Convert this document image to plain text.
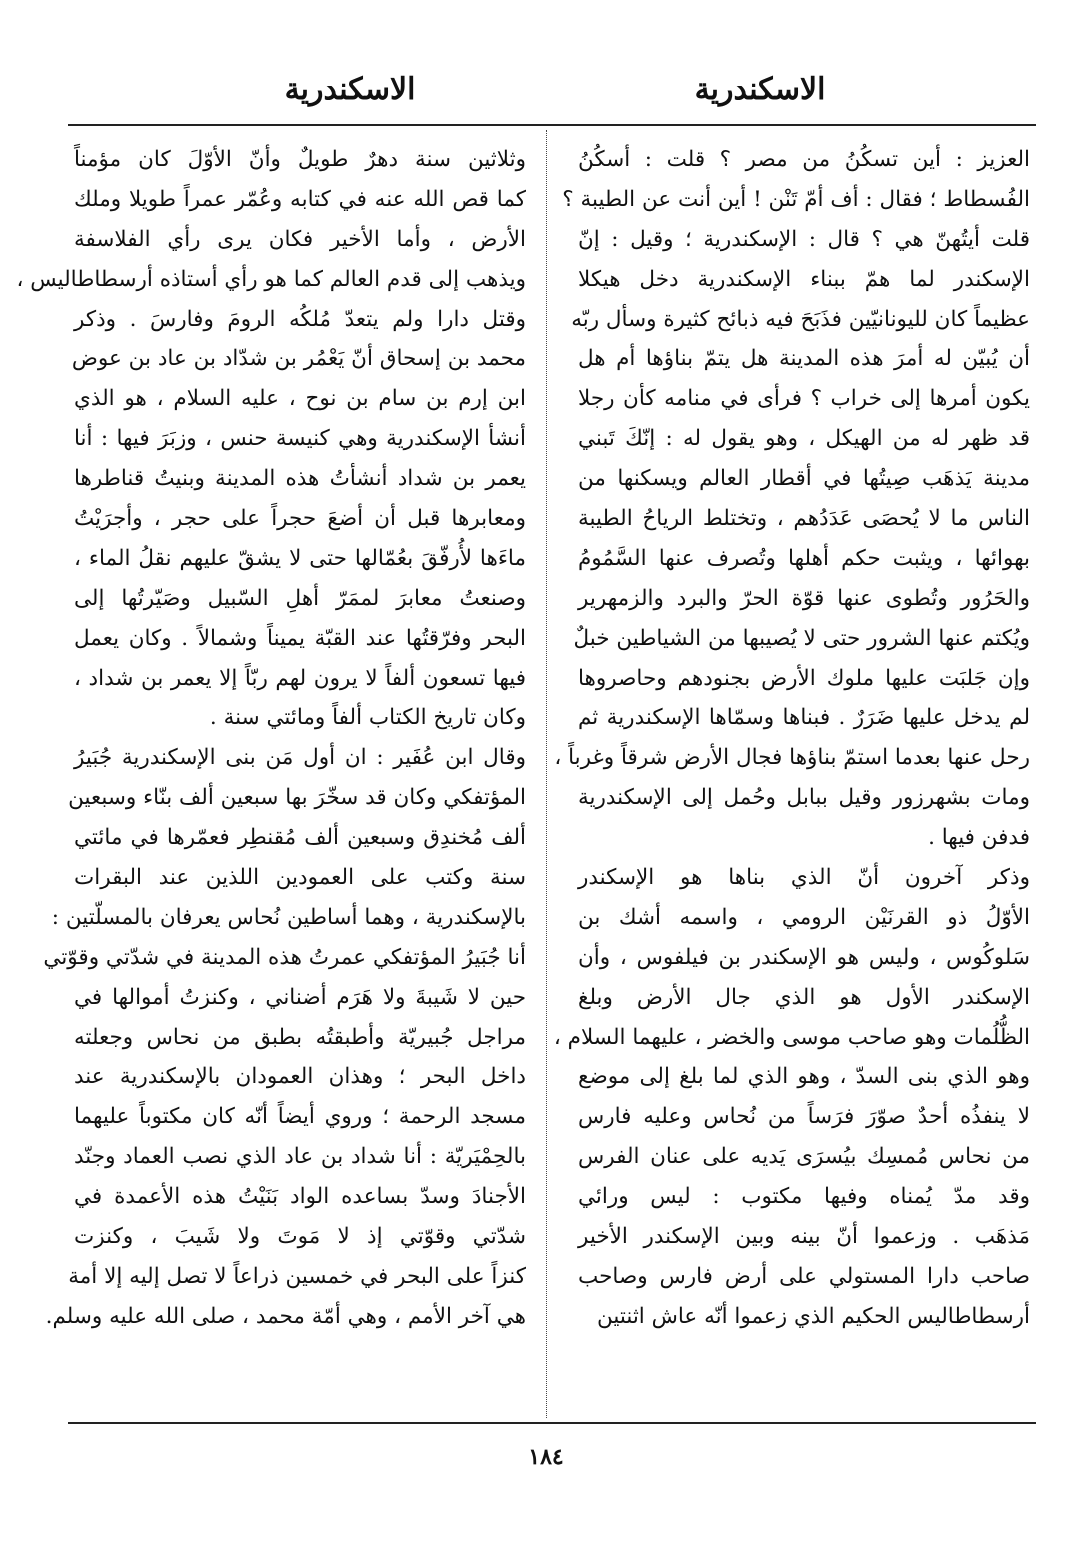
الاسكندرية
الاسكندرية
العزيز : أين تسكُنُ من مصر ؟ قلت : أسكُنُ
الفُسطاط ؛ فقال : أف أمّ تَنْن ! أين أنت عن الطيبة ؟
قلت أيتُهنّ هي ؟ قال : الإسكندرية ؛ وقيل : إنّ
الإسكندر لما همّ ببناء الإسكندرية دخل هيكلا
عظيماً كان لليونانيّين فذَبَحَ فيه ذبائح كثيرة وسأل ربّه
أن يُبيّن له أمرَ هذه المدينة هل يتمّ بناؤها أم هل
يكون أمرها إلى خراب ؟ فرأى في منامه كأن رجلا
قد ظهر له من الهيكل ، وهو يقول له : إنّكَ تَبني
مدينة يَذهَب صِيتُها في أقطار العالم ويسكنها من
الناس ما لا يُحصَى عَدَدُهم ، وتختلط الرياحُ الطيبة
بهوائها ، ويثبت حكم أهلها وتُصرف عنها السَّمُومُ
والحَرُور وتُطوى عنها قوّة الحرّ والبرد والزمهرير
ويُكتم عنها الشرور حتى لا يُصيبها من الشياطين خبلٌ
وإن جَلبَت عليها ملوك الأرض بجنودهم وحاصروها
لم يدخل عليها ضَرَرٌ . فبناها وسمّاها الإسكندرية ثم
رحل عنها بعدما استمّ بناؤها فجال الأرض شرقاً وغرباً ،
ومات بشهرزور وقيل ببابل وحُمل إلى الإسكندرية
فدفن فيها .
وذكر آخرون أنّ الذي بناها هو الإسكندر
الأوّلُ ذو القرنَيْن الرومي ، واسمه أشك بن
سَلوكُوس ، وليس هو الإسكندر بن فيلفوس ، وأن
الإسكندر الأول هو الذي جال الأرض وبلغ
الظُّلُمات وهو صاحب موسى والخضر ، عليهما السلام ،
وهو الذي بنى السدّ ، وهو الذي لما بلغ إلى موضع
لا ينفذُه أحدٌ صوّرَ فرَساً من نُحاس وعليه فارس
من نحاس مُمسِك بيُسرَى يَديه على عنان الفرس
وقد مدّ يُمناه وفيها مكتوب : ليس ورائي
مَذهَب . وزعموا أنّ بينه وبين الإسكندر الأخير
صاحب دارا المستولي على أرض فارس وصاحب
أرسطاطاليس الحكيم الذي زعموا أنّه عاش اثنتين
وثلاثين سنة دهرٌ طويلٌ وأنّ الأوّلَ كان مؤمناً
كما قص الله عنه في كتابه وعُمّر عمراً طويلا وملك
الأرض ، وأما الأخير فكان يرى رأي الفلاسفة
ويذهب إلى قدم العالم كما هو رأي أستاذه أرسطاطاليس ،
وقتل دارا ولم يتعدّ مُلكُه الرومَ وفارسَ . وذكر
محمد بن إسحاق أنّ يَعْمُر بن شدّاد بن عاد بن عوض
ابن إرم بن سام بن نوح ، عليه السلام ، هو الذي
أنشأ الإسكندرية وهي كنيسة حنس ، وزبَرَ فيها : أنا
يعمر بن شداد أنشأتُ هذه المدينة وبنيتُ قناطرها
ومعابرها قبل أن أضعَ حجراً على حجر ، وأجرَيْتُ
ماءَها لأُرفّقَ بعُمّالها حتى لا يشقّ عليهم نقلُ الماء ،
وصنعتُ معابرَ لممَرّ أهلِ السّبيل وصَيّرتُها إلى
البحر وفرّقتُها عند القبّة يميناً وشمالاً . وكان يعمل
فيها تسعون ألفاً لا يرون لهم ربّاً إلا يعمر بن شداد ،
وكان تاريخ الكتاب ألفاً ومائتي سنة .
وقال ابن عُفَير : ان أول مَن بنى الإسكندرية جُبَيرُ
المؤتفكي وكان قد سخّرَ بها سبعين ألف بنّاء وسبعين
ألف مُخندِق وسبعين ألف مُقنطِر فعمّرها في مائتي
سنة وكتب على العمودين اللذين عند البقرات
بالإسكندرية ، وهما أساطين نُحاس يعرفان بالمسلّتين :
أنا جُبَيرُ المؤتفكي عمرتُ هذه المدينة في شدّتي وقوّتي
حين لا شَيبةَ ولا هَرَم أضناني ، وكنزتُ أموالها في
مراجل جُبيريّة وأطبقتُه بطبق من نحاس وجعلته
داخل البحر ؛ وهذان العمودان بالإسكندرية عند
مسجد الرحمة ؛ وروي أيضاً أنّه كان مكتوباً عليهما
بالحِمْيَريّة : أنا شداد بن عاد الذي نصب العماد وجنّد
الأجنادَ وسدّ بساعده الواد بَنَيْتُ هذه الأعمدة في
شدّتي وقوّتي إذ لا مَوتَ ولا شَيبَ ، وكنزت
كنزاً على البحر في خمسين ذراعاً لا تصل إليه إلا أمة
هي آخر الأمم ، وهي أمّة محمد ، صلى الله عليه وسلم.
١٨٤
